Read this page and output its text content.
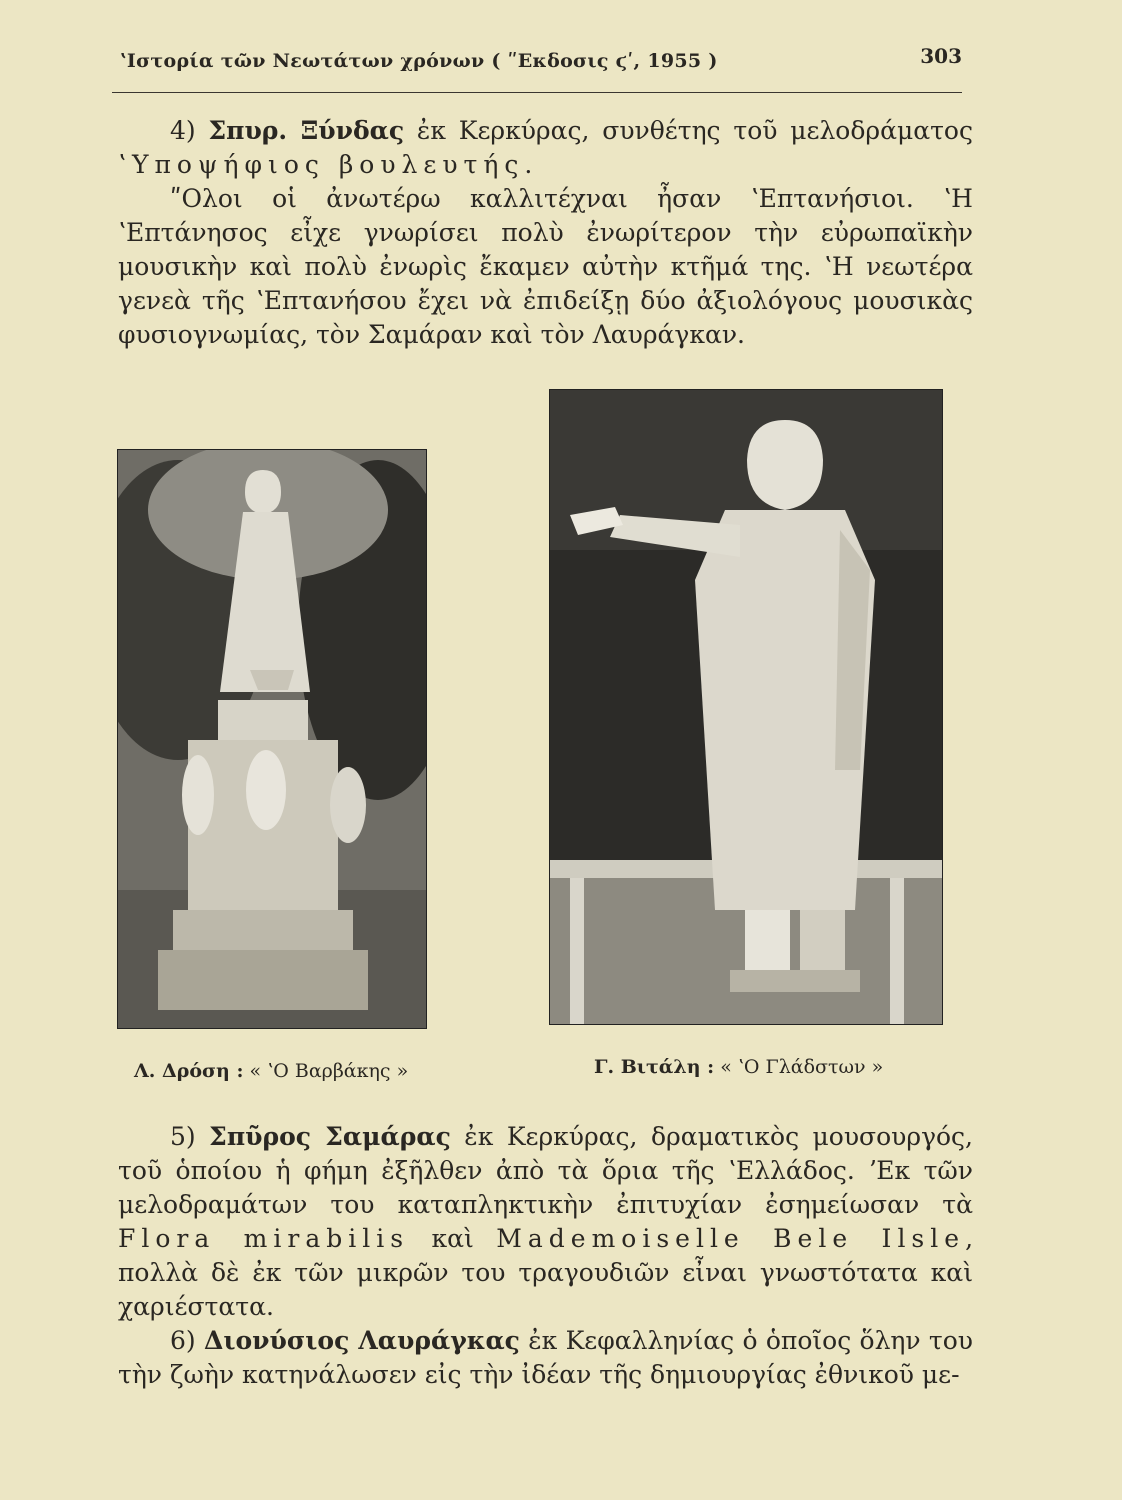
ʽΙστορία τῶν Νεωτάτων χρόνων ( ʺΕκδοσις ϛʹ, 1955 )	303

4) Σπυρ. Ξύνδας ἐκ Κερκύρας, συνθέτης τοῦ μελοδράματος ʽΥποψήφιος βουλευτής.

ʺΟλοι οἱ ἀνωτέρω καλλιτέχναι ἦσαν ʽΕπτανήσιοι. ʽΗ ʽΕπτάνησος εἶχε γνωρίσει πολὺ ἐνωρίτερον τὴν εὐρωπαϊκὴν μουσικὴν καὶ πολὺ ἐνωρὶς ἔκαμεν αὐτὴν κτῆμά της. ʽΗ νεωτέρα γενεὰ τῆς ʽΕπτανήσου ἔχει νὰ ἐπιδείξῃ δύο ἀξιολόγους μουσικὰς φυσιογνωμίας, τὸν Σαμάραν καὶ τὸν Λαυράγκαν.

Λ. Δρόση : « ʽΟ Βαρβάκης »	Γ. Βιτάλη : « ʽΟ Γλάδστων »

5) Σπῦρος Σαμάρας ἐκ Κερκύρας, δραματικὸς μουσουργός, τοῦ ὁποίου ἡ φήμη ἐξῆλθεν ἀπὸ τὰ ὅρια τῆς ʽΕλλάδος. ʼΕκ τῶν μελοδραμάτων του καταπληκτικὴν ἐπιτυχίαν ἐσημείωσαν τὰ Flora mirabilis καὶ Mademoiselle Bele Ilsle, πολλὰ δὲ ἐκ τῶν μικρῶν του τραγουδιῶν εἶναι γνωστότατα καὶ χαριέστατα.

6) Διονύσιος Λαυράγκας ἐκ Κεφαλληνίας ὁ ὁποῖος ὅλην του τὴν ζωὴν κατηνάλωσεν εἰς τὴν ἰδέαν τῆς δημιουργίας ἐθνικοῦ με-
